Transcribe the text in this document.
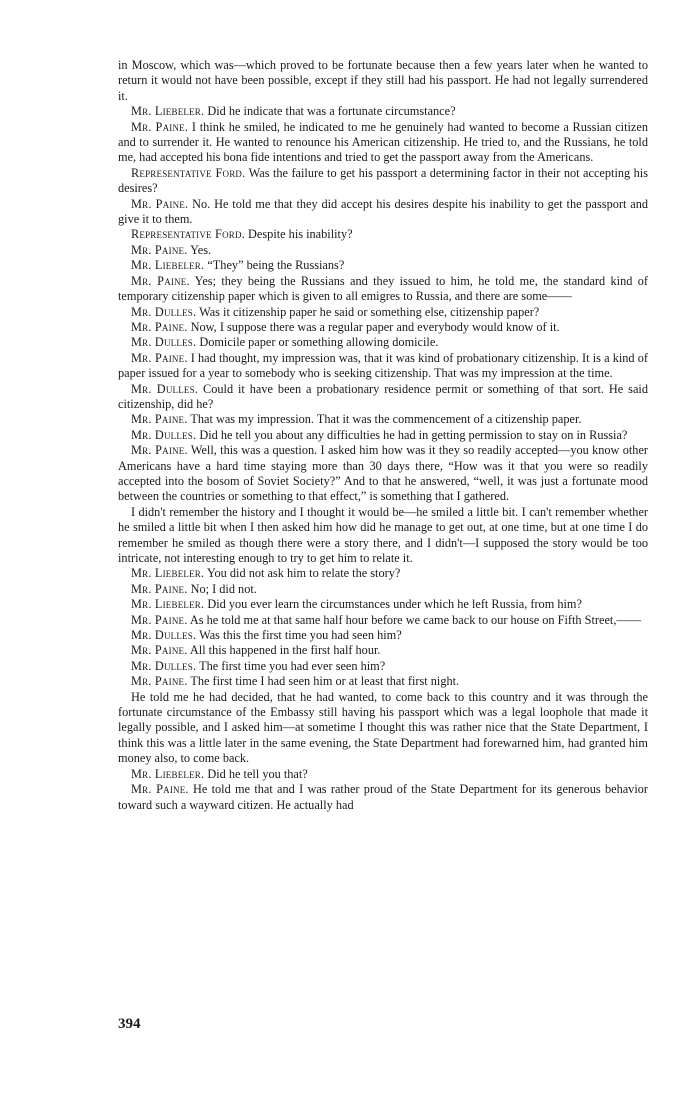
in Moscow, which was—which proved to be fortunate because then a few years later when he wanted to return it would not have been possible, except if they still had his passport. He had not legally surrendered it.

Mr. Liebeler. Did he indicate that was a fortunate circumstance?

Mr. Paine. I think he smiled, he indicated to me he genuinely had wanted to become a Russian citizen and to surrender it. He wanted to renounce his American citizenship. He tried to, and the Russians, he told me, had accepted his bona fide intentions and tried to get the passport away from the Americans.

Representative Ford. Was the failure to get his passport a determining factor in their not accepting his desires?

Mr. Paine. No. He told me that they did accept his desires despite his inability to get the passport and give it to them.

Representative Ford. Despite his inability?

Mr. Paine. Yes.

Mr. Liebeler. “They” being the Russians?

Mr. Paine. Yes; they being the Russians and they issued to him, he told me, the standard kind of temporary citizenship paper which is given to all emigres to Russia, and there are some——

Mr. Dulles. Was it citizenship paper he said or something else, citizenship paper?

Mr. Paine. Now, I suppose there was a regular paper and everybody would know of it.

Mr. Dulles. Domicile paper or something allowing domicile.

Mr. Paine. I had thought, my impression was, that it was kind of probationary citizenship. It is a kind of paper issued for a year to somebody who is seeking citizenship. That was my impression at the time.

Mr. Dulles. Could it have been a probationary residence permit or something of that sort. He said citizenship, did he?

Mr. Paine. That was my impression. That it was the commencement of a citizenship paper.

Mr. Dulles. Did he tell you about any difficulties he had in getting permission to stay on in Russia?

Mr. Paine. Well, this was a question. I asked him how was it they so readily accepted—you know other Americans have a hard time staying more than 30 days there, “How was it that you were so readily accepted into the bosom of Soviet Society?” And to that he answered, “well, it was just a fortunate mood between the countries or something to that effect,” is something that I gathered.

I didn't remember the history and I thought it would be—he smiled a little bit. I can't remember whether he smiled a little bit when I then asked him how did he manage to get out, at one time, but at one time I do remember he smiled as though there were a story there, and I didn't—I supposed the story would be too intricate, not interesting enough to try to get him to relate it.

Mr. Liebeler. You did not ask him to relate the story?

Mr. Paine. No; I did not.

Mr. Liebeler. Did you ever learn the circumstances under which he left Russia, from him?

Mr. Paine. As he told me at that same half hour before we came back to our house on Fifth Street,——

Mr. Dulles. Was this the first time you had seen him?

Mr. Paine. All this happened in the first half hour.

Mr. Dulles. The first time you had ever seen him?

Mr. Paine. The first time I had seen him or at least that first night.

He told me he had decided, that he had wanted, to come back to this country and it was through the fortunate circumstance of the Embassy still having his passport which was a legal loophole that made it legally possible, and I asked him—at sometime I thought this was rather nice that the State Department, I think this was a little later in the same evening, the State Department had forewarned him, had granted him money also, to come back.

Mr. Liebeler. Did he tell you that?

Mr. Paine. He told me that and I was rather proud of the State Department for its generous behavior toward such a wayward citizen. He actually had

394
